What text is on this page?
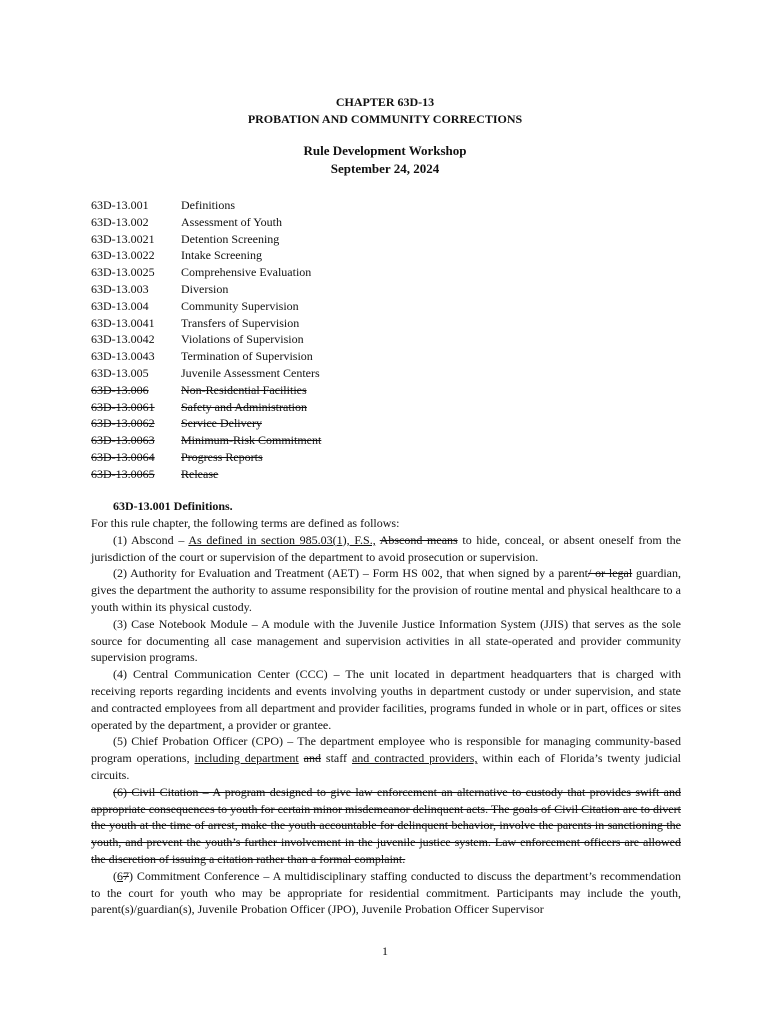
CHAPTER 63D-13
PROBATION AND COMMUNITY CORRECTIONS
Rule Development Workshop
September 24, 2024
63D-13.001	Definitions
63D-13.002	Assessment of Youth
63D-13.0021	Detention Screening
63D-13.0022	Intake Screening
63D-13.0025	Comprehensive Evaluation
63D-13.003	Diversion
63D-13.004	Community Supervision
63D-13.0041	Transfers of Supervision
63D-13.0042	Violations of Supervision
63D-13.0043	Termination of Supervision
63D-13.005	Juvenile Assessment Centers
63D-13.006	Non-Residential Facilities
63D-13.0061	Safety and Administration
63D-13.0062	Service Delivery
63D-13.0063	Minimum-Risk Commitment
63D-13.0064	Progress Reports
63D-13.0065	Release
63D-13.001 Definitions.

For this rule chapter, the following terms are defined as follows:

(1) Abscond – As defined in section 985.03(1), F.S., Abscond means to hide, conceal, or absent oneself from the jurisdiction of the court or supervision of the department to avoid prosecution or supervision.

(2) Authority for Evaluation and Treatment (AET) – Form HS 002, that when signed by a parent/ or legal guardian, gives the department the authority to assume responsibility for the provision of routine mental and physical healthcare to a youth within its physical custody.

(3) Case Notebook Module – A module with the Juvenile Justice Information System (JJIS) that serves as the sole source for documenting all case management and supervision activities in all state-operated and provider community supervision programs.

(4) Central Communication Center (CCC) – The unit located in department headquarters that is charged with receiving reports regarding incidents and events involving youths in department custody or under supervision, and state and contracted employees from all department and provider facilities, programs funded in whole or in part, offices or sites operated by the department, a provider or grantee.

(5) Chief Probation Officer (CPO) – The department employee who is responsible for managing community-based program operations, including department and staff and contracted providers, within each of Florida’s twenty judicial circuits.

(6) Civil Citation – A program designed to give law enforcement an alternative to custody that provides swift and appropriate consequences to youth for certain minor misdemeanor delinquent acts. The goals of Civil Citation are to divert the youth at the time of arrest, make the youth accountable for delinquent behavior, involve the parents in sanctioning the youth, and prevent the youth’s further involvement in the juvenile justice system. Law enforcement officers are allowed the discretion of issuing a citation rather than a formal complaint.

(67) Commitment Conference – A multidisciplinary staffing conducted to discuss the department’s recommendation to the court for youth who may be appropriate for residential commitment. Participants may include the youth, parent(s)/guardian(s), Juvenile Probation Officer (JPO), Juvenile Probation Officer Supervisor

1
